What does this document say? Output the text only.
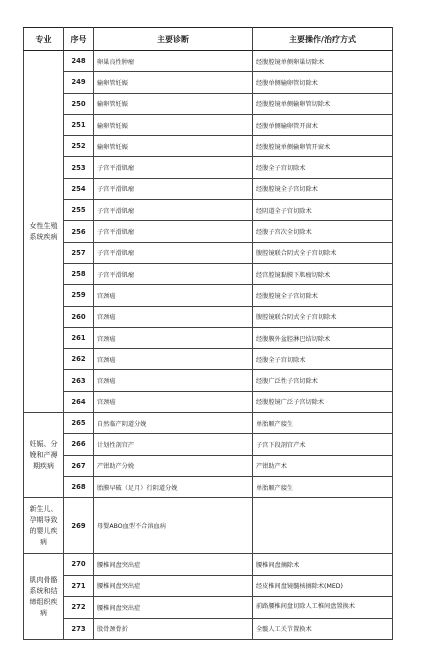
专业	序号	主要诊断	主要操作/治疗方式
女性生殖系统疾病	248	卵巢良性肿瘤	经腹腔镜单侧卵巢切除术
	249	输卵管妊娠	经腹单侧输卵管切除术
	250	输卵管妊娠	经腹腔镜单侧输卵管切除术
	251	输卵管妊娠	经腹单侧输卵管开窗术
	252	输卵管妊娠	经腹腔镜单侧输卵管开窗术
	253	子宫平滑肌瘤	经腹全子宫切除术
	254	子宫平滑肌瘤	经腹腔镜全子宫切除术
	255	子宫平滑肌瘤	经阴道全子宫切除术
	256	子宫平滑肌瘤	经腹子宫次全切除术
	257	子宫平滑肌瘤	腹腔镜联合阴式全子宫切除术
	258	子宫平滑肌瘤	经宫腔镜黏膜下肌瘤切除术
	259	宫颈癌	经腹腔镜全子宫切除术
	260	宫颈癌	腹腔镜联合阴式全子宫切除术
	261	宫颈癌	经腹膜外盆腔淋巴结切除术
	262	宫颈癌	经腹全子宫切除术
	263	宫颈癌	经腹广泛性子宫切除术
	264	宫颈癌	经腹腔镜广泛子宫切除术
妊娠、分娩和产褥期疾病	265	自然临产阴道分娩	单胎顺产接生
	266	计划性剖宫产	子宫下段剖宫产术
	267	产钳助产分娩	产钳助产术
	268	胎膜早破（足月）行阴道分娩	单胎顺产接生
新生儿、孕期导致的婴儿疾病	269	母婴ABO血型不合溶血病	
肌肉骨骼系统和结缔组织疾病	270	腰椎间盘突出症	腰椎间盘摘除术
	271	腰椎间盘突出症	经皮椎间盘镜髓核摘除术(MED)
	272	腰椎间盘突出症	前路腰椎间盘切除人工椎间盘置换术
	273	股骨颈骨折	全髋人工关节置换术
